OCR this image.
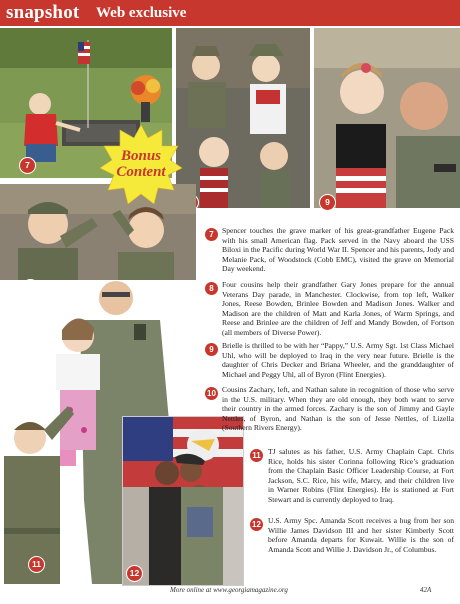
snapshot Web exclusive
7
9
Bonus
Content
11
12
7	Spencer touches the grave marker of his great-grandfather Eugene Pack with his small American flag. Pack served in the Navy aboard the USS Biloxi in the Pacific during World War II. Spencer and his parents, Jody and Melanie Pack, of Woodstock (Cobb EMC), visited the grave on Memorial Day weekend.
8	Four cousins help their grandfather Gary Jones prepare for the annual Veterans Day parade, in Manchester. Clockwise, from top left, Walker Jones, Reese Bowden, Brinlee Bowden and Madison Jones. Walker and Madison are the children of Matt and Karla Jones, of Warm Springs, and Reese and Brinlee are the children of Jeff and Mandy Bowden, of Fortson (all members of Diverse Power).
9	Brielle is thrilled to be with her “Pappy,” U.S. Army Sgt. 1st Class Michael Uhl, who will be deployed to Iraq in the very near future. Brielle is the daughter of Chris Decker and Briana Wheeler, and the granddaughter of Michael and Peggy Uhl, all of Byron (Flint Energies).
10 Cousins Zachary, left, and Nathan salute in recognition of those who serve in the U.S. military. When they are old enough, they both want to serve their country in the armed forces. Zachary is the son of Jimmy and Gayle Nettles, of Byron, and Nathan is the son of Jesse Nettles, of Lizella (Southern Rivers Energy).
11 TJ salutes as his father, U.S. Army Chaplain Capt. Chris Rice, holds his sister Corinna following Rice’s graduation from the Chaplain Basic Officer Leadership Course, at Fort Jackson, S.C. Rice, his wife, Marcy, and their children live in Warner Robins (Flint Energies). He is stationed at Fort Stewart and is currently deployed to Iraq.
12 U.S. Army Spc. Amanda Scott receives a hug from her son Willie James Davidson III and her sister Kimberly Scott before Amanda departs for Kuwait. Willie is the son of Amanda Scott and Willie J. Davidson Jr., of Columbus.
More online at www.georgiamagazine.org	42A
